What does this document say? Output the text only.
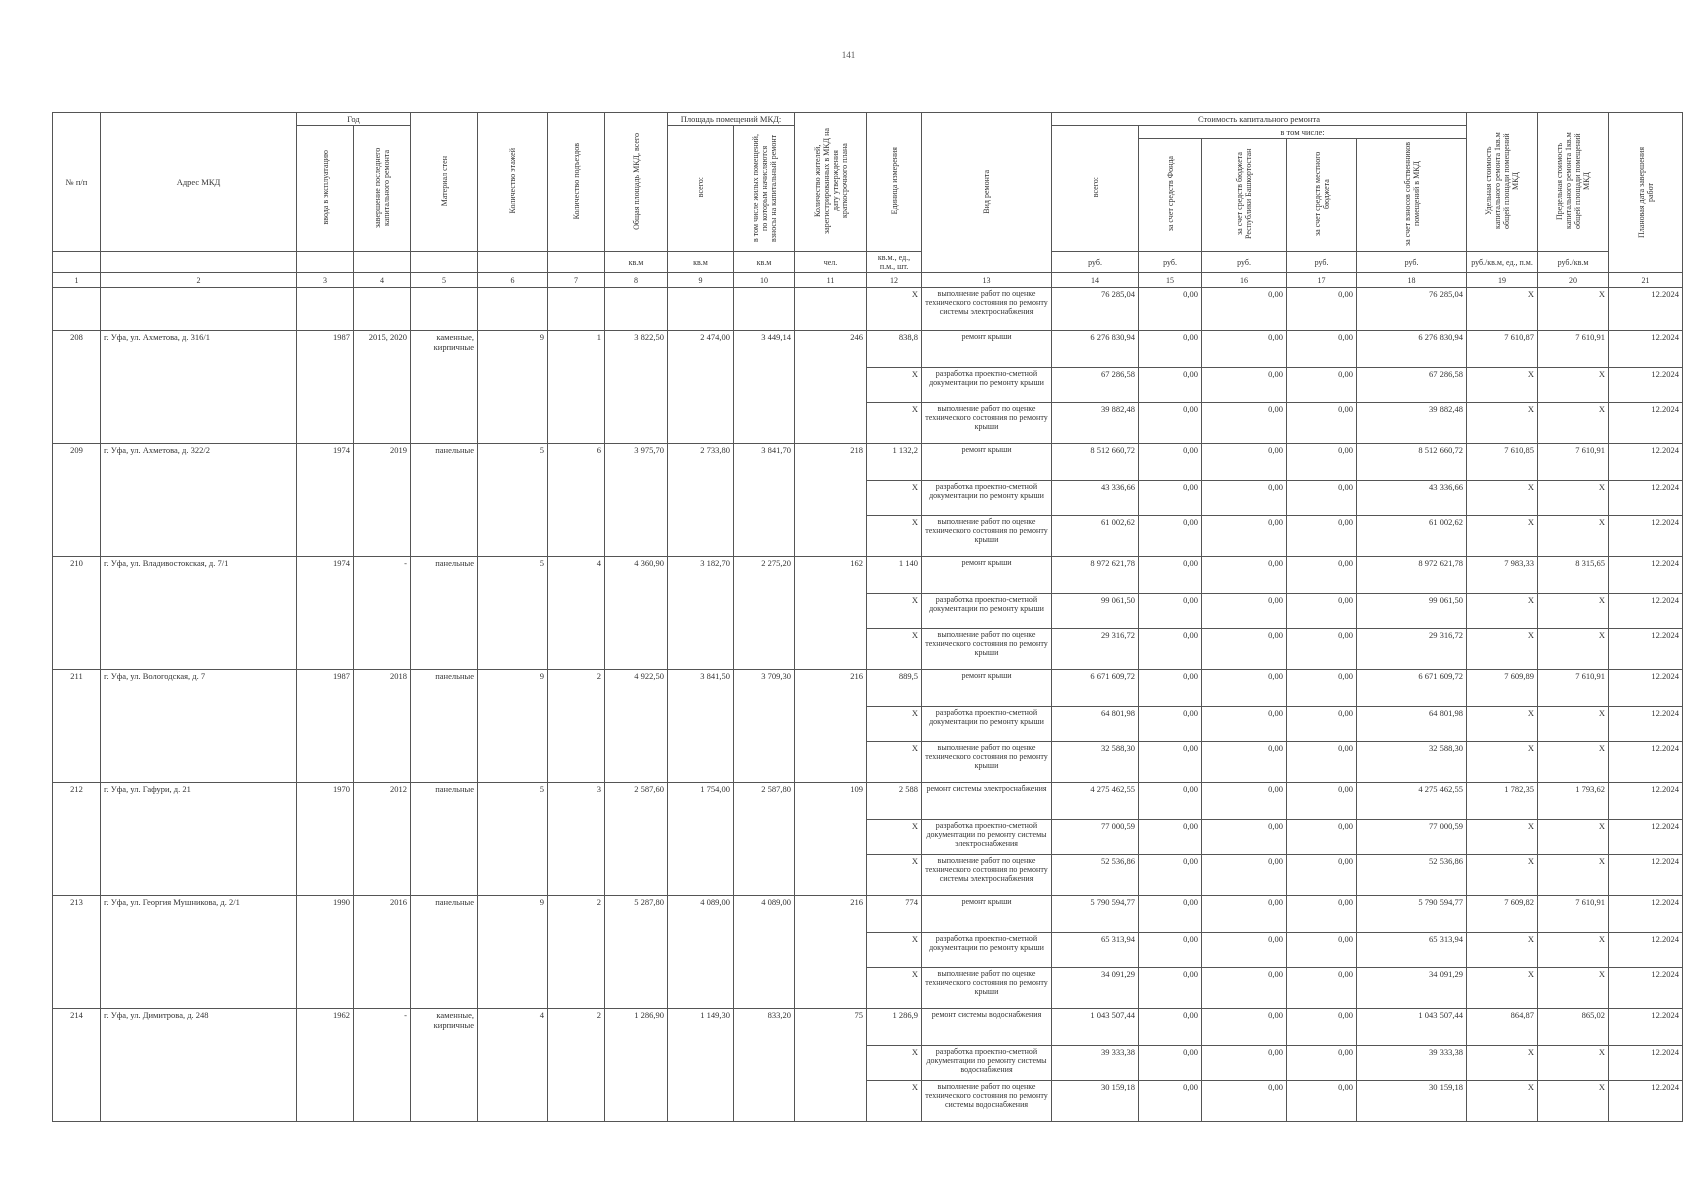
141
№ п/п	Адрес МКД	Год		Материал стен	Количество этажей	Количество подъездов	Общая площадь МКД, всего	Площадь помещений МКД:		Количество жителей, зарегистрированных в МКД на дату утверждения краткосрочного плана	Единица измерения	Вид ремонта	Стоимость капитального ремонта					Удельная стоимость капитального ремонта 1кв.м общей площади помещений МКД	Предельная стоимость капитального ремонта 1кв.м общей площади помещений МКД	Плановая дата завершения работ
		ввода в эксплуатацию	завершение последнего капитального ремонта					всего:	в том числе жилых помещений, по которым начисляются взносы на капитальный ремонт				всего:	в том числе:						
														за счет средств Фонда	за счет средств бюджета Республики Башкортостан	за счет средств местного бюджета	за счет взносов собственников помещений в МКД			
							кв.м	кв.м	кв.м	чел.	кв.м., ед., п.м., шт.		руб.	руб.	руб.	руб.	руб.	руб./кв.м, ед., п.м.	руб./кв.м	
1	2	3	4	5	6	7	8	9	10	11	12	13	14	15	16	17	18	19	20	21
											Х	выполнение работ по оценке технического состояния по ремонту системы электроснабжения	76 285,04	0,00	0,00	0,00	76 285,04	Х	Х	12.2024
208	г. Уфа, ул. Ахметова, д. 316/1	1987	2015, 2020	каменные, кирпичные	9	1	3 822,50	2 474,00	3 449,14	246	838,8	ремонт крыши	6 276 830,94	0,00	0,00	0,00	6 276 830,94	7 610,87	7 610,91	12.2024
											Х	разработка проектно-сметной документации по ремонту крыши	67 286,58	0,00	0,00	0,00	67 286,58	Х	Х	12.2024
											Х	выполнение работ по оценке технического состояния по ремонту крыши	39 882,48	0,00	0,00	0,00	39 882,48	Х	Х	12.2024
209	г. Уфа, ул. Ахметова, д. 322/2	1974	2019	панельные	5	6	3 975,70	2 733,80	3 841,70	218	1 132,2	ремонт крыши	8 512 660,72	0,00	0,00	0,00	8 512 660,72	7 610,85	7 610,91	12.2024
											Х	разработка проектно-сметной документации по ремонту крыши	43 336,66	0,00	0,00	0,00	43 336,66	Х	Х	12.2024
											Х	выполнение работ по оценке технического состояния по ремонту крыши	61 002,62	0,00	0,00	0,00	61 002,62	Х	Х	12.2024
210	г. Уфа, ул. Владивостокская, д. 7/1	1974	-	панельные	5	4	4 360,90	3 182,70	2 275,20	162	1 140	ремонт крыши	8 972 621,78	0,00	0,00	0,00	8 972 621,78	7 983,33	8 315,65	12.2024
											Х	разработка проектно-сметной документации по ремонту крыши	99 061,50	0,00	0,00	0,00	99 061,50	Х	Х	12.2024
											Х	выполнение работ по оценке технического состояния по ремонту крыши	29 316,72	0,00	0,00	0,00	29 316,72	Х	Х	12.2024
211	г. Уфа, ул. Вологодская, д. 7	1987	2018	панельные	9	2	4 922,50	3 841,50	3 709,30	216	889,5	ремонт крыши	6 671 609,72	0,00	0,00	0,00	6 671 609,72	7 609,89	7 610,91	12.2024
											Х	разработка проектно-сметной документации по ремонту крыши	64 801,98	0,00	0,00	0,00	64 801,98	Х	Х	12.2024
											Х	выполнение работ по оценке технического состояния по ремонту крыши	32 588,30	0,00	0,00	0,00	32 588,30	Х	Х	12.2024
212	г. Уфа, ул. Гафури, д. 21	1970	2012	панельные	5	3	2 587,60	1 754,00	2 587,80	109	2 588	ремонт системы электроснабжения	4 275 462,55	0,00	0,00	0,00	4 275 462,55	1 782,35	1 793,62	12.2024
											Х	разработка проектно-сметной документации по ремонту системы электроснабжения	77 000,59	0,00	0,00	0,00	77 000,59	Х	Х	12.2024
											Х	выполнение работ по оценке технического состояния по ремонту системы электроснабжения	52 536,86	0,00	0,00	0,00	52 536,86	Х	Х	12.2024
213	г. Уфа, ул. Георгия Мушникова, д. 2/1	1990	2016	панельные	9	2	5 287,80	4 089,00	4 089,00	216	774	ремонт крыши	5 790 594,77	0,00	0,00	0,00	5 790 594,77	7 609,82	7 610,91	12.2024
											Х	разработка проектно-сметной документации по ремонту крыши	65 313,94	0,00	0,00	0,00	65 313,94	Х	Х	12.2024
											Х	выполнение работ по оценке технического состояния по ремонту крыши	34 091,29	0,00	0,00	0,00	34 091,29	Х	Х	12.2024
214	г. Уфа, ул. Димитрова, д. 248	1962	-	каменные, кирпичные	4	2	1 286,90	1 149,30	833,20	75	1 286,9	ремонт системы водоснабжения	1 043 507,44	0,00	0,00	0,00	1 043 507,44	864,87	865,02	12.2024
											Х	разработка проектно-сметной документации по ремонту системы водоснабжения	39 333,38	0,00	0,00	0,00	39 333,38	Х	Х	12.2024
											Х	выполнение работ по оценке технического состояния по ремонту системы водоснабжения	30 159,18	0,00	0,00	0,00	30 159,18	Х	Х	12.2024
